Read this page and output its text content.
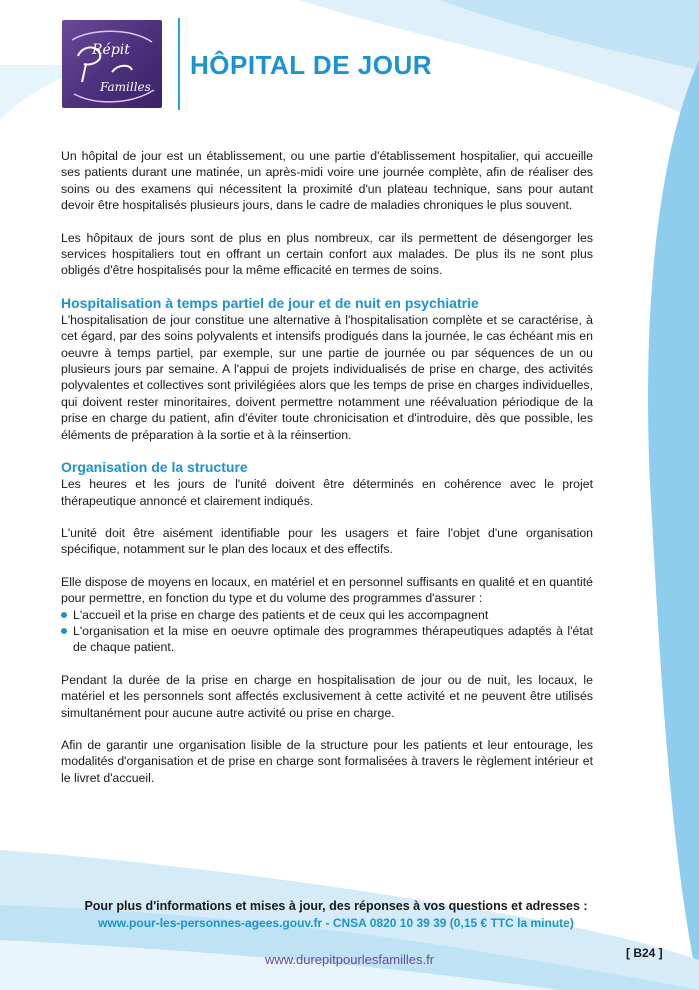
Répit
Familles
HÔPITAL DE JOUR

Un hôpital de jour est un établissement, ou une partie d'établissement hospitalier, qui accueille ses patients durant une matinée, un après-midi voire une journée complète, afin de réaliser des soins ou des examens qui nécessitent la proximité d'un plateau technique, sans pour autant devoir être hospitalisés plusieurs jours, dans le cadre de maladies chroniques le plus souvent.

Les hôpitaux de jours sont de plus en plus nombreux, car ils permettent de désengorger les services hospitaliers tout en offrant un certain confort aux malades. De plus ils ne sont plus obligés d'être hospitalisés pour la même efficacité en termes de soins.

Hospitalisation à temps partiel de jour et de nuit en psychiatrie

L'hospitalisation de jour constitue une alternative à l'hospitalisation complète et se caractérise, à cet égard, par des soins polyvalents et intensifs prodigués dans la journée, le cas échéant mis en oeuvre à temps partiel, par exemple, sur une partie de journée ou par séquences de un ou plusieurs jours par semaine. A l'appui de projets individualisés de prise en charge, des activités polyvalentes et collectives sont privilégiées alors que les temps de prise en charges individuelles, qui doivent rester minoritaires, doivent permettre notamment une réévaluation périodique de la prise en charge du patient, afin d'éviter toute chronicisation et d'introduire, dès que possible, les éléments de préparation à la sortie et à la réinsertion.

Organisation de la structure

Les heures et les jours de l'unité doivent être déterminés en cohérence avec le projet thérapeutique annoncé et clairement indiqués.

L'unité doit être aisément identifiable pour les usagers et faire l'objet d'une organisation spécifique, notamment sur le plan des locaux et des effectifs.

Elle dispose de moyens en locaux, en matériel et en personnel suffisants en qualité et en quantité pour permettre, en fonction du type et du volume des programmes d'assurer :

L'accueil et la prise en charge des patients et de ceux qui les accompagnent
L'organisation et la mise en oeuvre optimale des programmes thérapeutiques adaptés à l'état de chaque patient.

Pendant la durée de la prise en charge en hospitalisation de jour ou de nuit, les locaux, le matériel et les personnels sont affectés exclusivement à cette activité et ne peuvent être utilisés simultanément pour aucune autre activité ou prise en charge.

Afin de garantir une organisation lisible de la structure pour les patients et leur entourage, les modalités d'organisation et de prise en charge sont formalisées à travers le règlement intérieur et le livret d'accueil.

Pour plus d'informations et mises à jour, des réponses à vos questions et adresses :
www.pour-les-personnes-agees.gouv.fr - CNSA 0820 10 39 39 (0,15 € TTC la minute)
[ B24 ]
www.durepitpourlesfamilles.fr
